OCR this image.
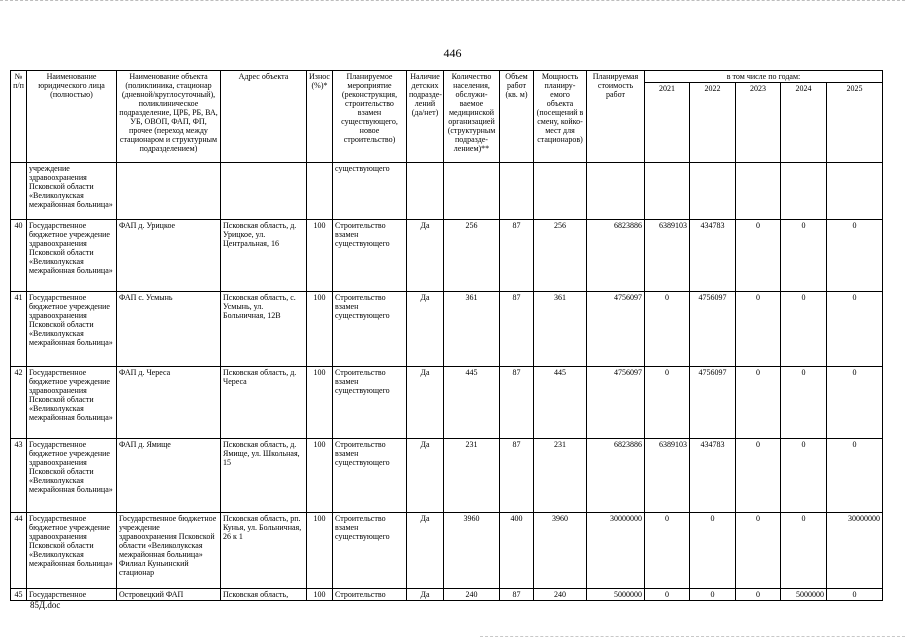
446
№ п/п	Наименование юридического лица (полностью)	Наименование объекта (поликлиника, стационар (дневной/круглосуточный), поликлиническое подразделение, ЦРБ, РБ, ВА, УБ, ОВОП, ФАП, ФП, прочее (переход между стационаром и структурным подразделением)	Адрес объекта	Износ (%)*	Планируемое мероприятие (реконструкция, строительство взамен существующего, новое строительство)	Наличие детских подразде-лений (да/нет)	Количество населения, обслужи-ваемое медицинской организацией (структурным подразде-лением)**	Объем работ (кв. м)	Мощность планиру-емого объекта (посещений в смену, койко-мест для стационаров)	Планируемая стоимость работ	в том числе по годам:				
											2021	2022	2023	2024	2025
	учреждение здравоохранения Псковской области «Великолукская межрайонная больница»				существующего										
40	Государственное бюджетное учреждение здравоохранения Псковской области «Великолукская межрайонная больница»	ФАП д. Урицкое	Псковская область, д. Урицкое, ул. Центральная, 16	100	Строительство взамен существующего	Да	256	87	256	6823886	6389103	434783	0	0	0
41	Государственное бюджетное учреждение здравоохранения Псковской области «Великолукская межрайонная больница»	ФАП с. Усмынь	Псковская область, с. Усмынь, ул. Больничная, 12В	100	Строительство взамен существующего	Да	361	87	361	4756097	0	4756097	0	0	0
42	Государственное бюджетное учреждение здравоохранения Псковской области «Великолукская межрайонная больница»	ФАП д. Череса	Псковская область, д. Череса	100	Строительство взамен существующего	Да	445	87	445	4756097	0	4756097	0	0	0
43	Государственное бюджетное учреждение здравоохранения Псковской области «Великолукская межрайонная больница»	ФАП д. Ямище	Псковская область, д. Ямище, ул. Школьная, 15	100	Строительство взамен существующего	Да	231	87	231	6823886	6389103	434783	0	0	0
44	Государственное бюджетное учреждение здравоохранения Псковской области «Великолукская межрайонная больница»	Государственное бюджетное учреждение здравоохранения Псковской области «Великолукская межрайонная больница» Филиал Куньинский стационар	Псковская область, рп. Кунья, ул. Больничная, 26 к 1	100	Строительство взамен существующего	Да	3960	400	3960	30000000	0	0	0	0	30000000
45	Государственное	Островецкий ФАП	Псковская область,	100	Строительство	Да	240	87	240	5000000	0	0	0	5000000	0
85Д.doc
